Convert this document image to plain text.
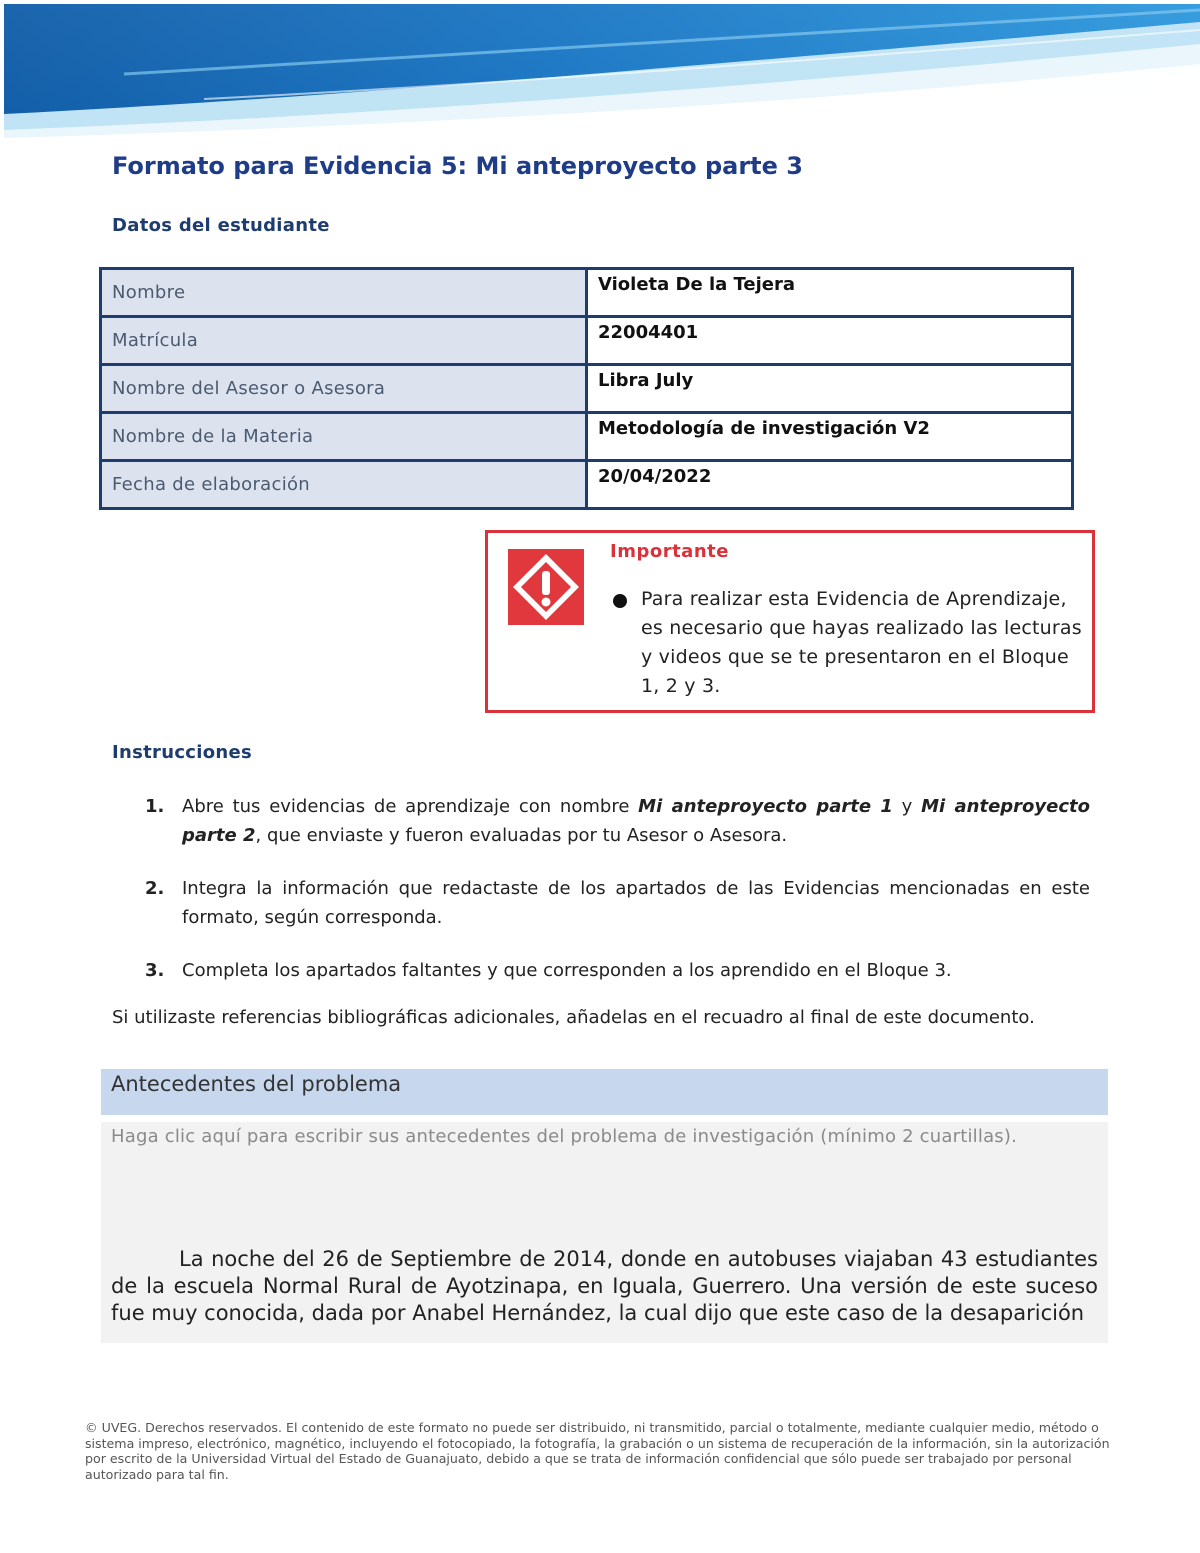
Formato para Evidencia 5: Mi anteproyecto parte 3
Datos del estudiante
Nombre	Violeta De la Tejera
Matrícula	22004401
Nombre del Asesor o Asesora	Libra July
Nombre de la Materia	Metodología de investigación V2
Fecha de elaboración	20/04/2022
Importante

Para realizar esta Evidencia de Aprendizaje, es necesario que hayas realizado las lecturas y videos que se te presentaron en el Bloque 1, 2 y 3.

Instrucciones
1. Abre tus evidencias de aprendizaje con nombre Mi anteproyecto parte 1 y Mi anteproyecto parte 2, que enviaste y fueron evaluadas por tu Asesor o Asesora.
2. Integra la información que redactaste de los apartados de las Evidencias mencionadas en este formato, según corresponda.
3. Completa los apartados faltantes y que corresponden a los aprendido en el Bloque 3.

Si utilizaste referencias bibliográficas adicionales, añadelas en el recuadro al final de este documento.

Antecedentes del problema

Haga clic aquí para escribir sus antecedentes del problema de investigación (mínimo 2 cuartillas).

La noche del 26 de Septiembre de 2014, donde en autobuses viajaban 43 estudiantes de la escuela Normal Rural de Ayotzinapa, en Iguala, Guerrero. Una versión de este suceso fue muy conocida, dada por Anabel Hernández, la cual dijo que este caso de la desaparición

© UVEG. Derechos reservados. El contenido de este formato no puede ser distribuido, ni transmitido, parcial o totalmente, mediante cualquier medio, método o sistema impreso, electrónico, magnético, incluyendo el fotocopiado, la fotografía, la grabación o un sistema de recuperación de la información, sin la autorización por escrito de la Universidad Virtual del Estado de Guanajuato, debido a que se trata de información confidencial que sólo puede ser trabajado por personal autorizado para tal fin.
